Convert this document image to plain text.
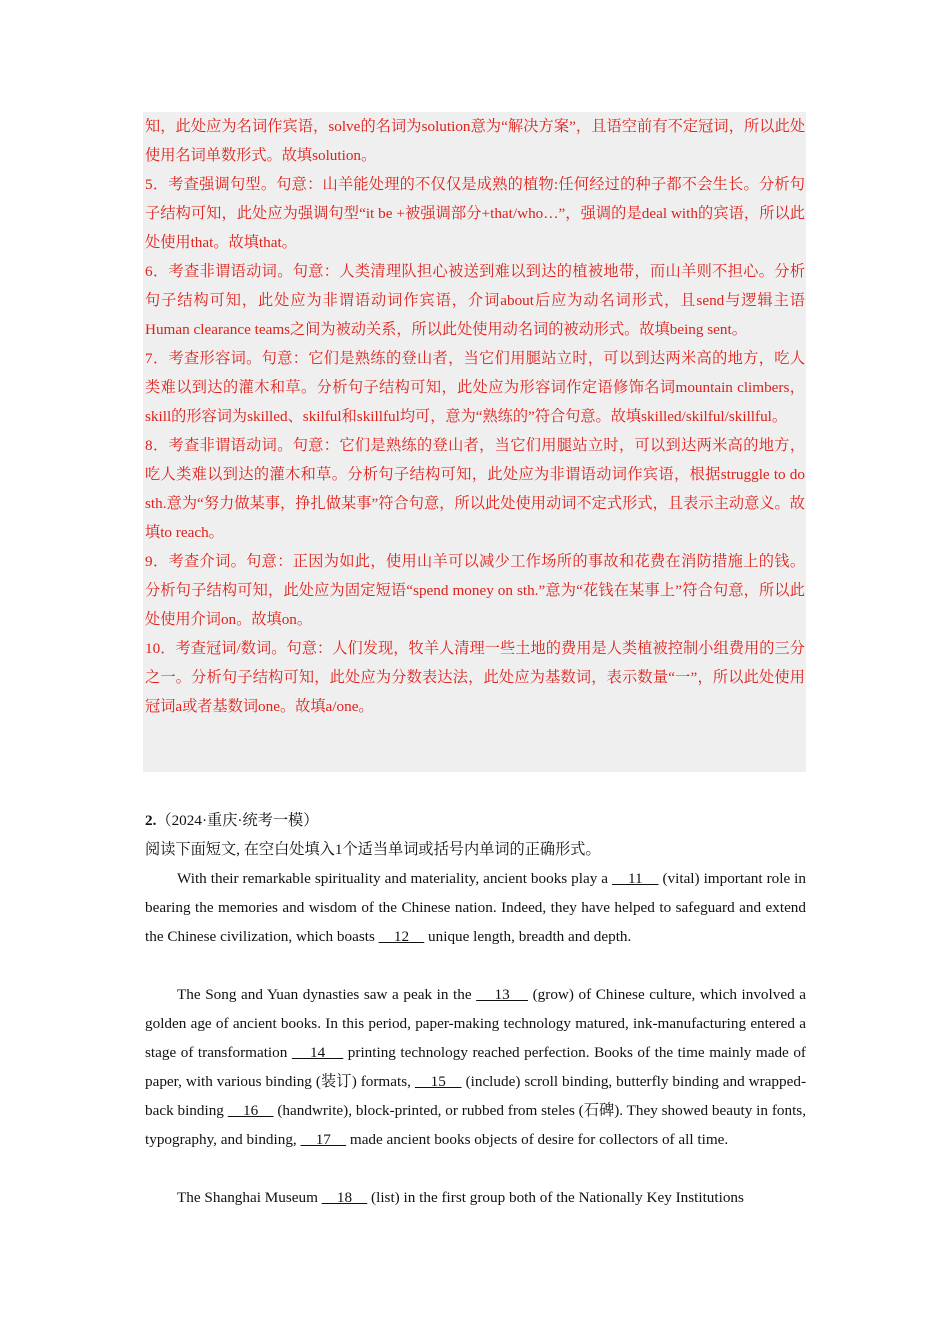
知，此处应为名词作宾语，solve的名词为solution意为“解决方案”，且语空前有不定冠词，所以此处使用名词单数形式。故填solution。
5．考查强调句型。句意：山羊能处理的不仅仅是成熟的植物:任何经过的种子都不会生长。分析句子结构可知，此处应为强调句型“it be +被强调部分+that/who…”，强调的是deal with的宾语，所以此处使用that。故填that。
6．考查非谓语动词。句意：人类清理队担心被送到难以到达的植被地带，而山羊则不担心。分析句子结构可知，此处应为非谓语动词作宾语，介词about后应为动名词形式，且send与逻辑主语Human clearance teams之间为被动关系，所以此处使用动名词的被动形式。故填being sent。
7．考查形容词。句意：它们是熟练的登山者，当它们用腿站立时，可以到达两米高的地方，吃人类难以到达的灌木和草。分析句子结构可知，此处应为形容词作定语修饰名词mountain climbers，skill的形容词为skilled、skilful和skillful均可，意为“熟练的”符合句意。故填skilled/skilful/skillful。
8．考查非谓语动词。句意：它们是熟练的登山者，当它们用腿站立时，可以到达两米高的地方，吃人类难以到达的灌木和草。分析句子结构可知，此处应为非谓语动词作宾语，根据struggle to do sth.意为“努力做某事，挣扎做某事”符合句意，所以此处使用动词不定式形式，且表示主动意义。故填to reach。
9．考查介词。句意：正因为如此，使用山羊可以减少工作场所的事故和花费在消防措施上的钱。分析句子结构可知，此处应为固定短语“spend money on sth.”意为“花钱在某事上”符合句意，所以此处使用介词on。故填on。
10．考查冠词/数词。句意：人们发现，牧羊人清理一些土地的费用是人类植被控制小组费用的三分之一。分析句子结构可知，此处应为分数表达法，此处应为基数词，表示数量“一”，所以此处使用冠词a或者基数词one。故填a/one。
2.（2024·重庆·统考一模）
阅读下面短文, 在空白处填入1个适当单词或括号内单词的正确形式。
With their remarkable spirituality and materiality, ancient books play a     11     (vital) important role in bearing the memories and wisdom of the Chinese nation. Indeed, they have helped to safeguard and extend the Chinese civilization, which boasts     12     unique length, breadth and depth.
The Song and Yuan dynasties saw a peak in the     13     (grow) of Chinese culture, which involved a golden age of ancient books. In this period, paper-making technology matured, ink-manufacturing entered a stage of transformation     14     printing technology reached perfection. Books of the time mainly made of paper, with various binding (装订) formats,     15     (include) scroll binding, butterfly binding and wrapped-back binding     16     (handwrite), block-printed, or rubbed from steles (石碑). They showed beauty in fonts, typography, and binding,     17     made ancient books objects of desire for collectors of all time.
The Shanghai Museum     18     (list) in the first group both of the Nationally Key Institutions
